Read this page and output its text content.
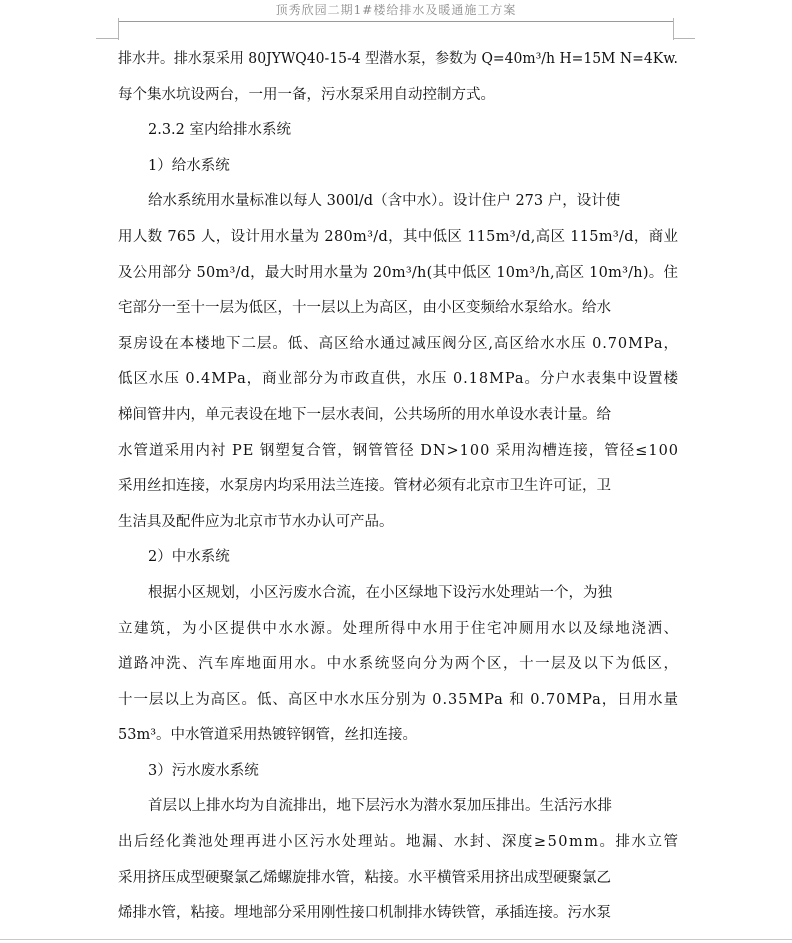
顶秀欣园二期1#楼给排水及暖通施工方案
排水井。排水泵采用 80JYWQ40-15-4 型潜水泵，参数为 Q=40m³/h H=15M N=4Kw.
每个集水坑设两台，一用一备，污水泵采用自动控制方式。
2.3.2 室内给排水系统
1）给水系统
给水系统用水量标准以每人 300l/d（含中水）。设计住户 273 户，设计使
用人数 765 人，设计用水量为 280m³/d，其中低区 115m³/d,高区 115m³/d，商业
及公用部分 50m³/d，最大时用水量为 20m³/h(其中低区 10m³/h,高区 10m³/h)。住
宅部分一至十一层为低区，十一层以上为高区，由小区变频给水泵给水。给水
泵房设在本楼地下二层。低、高区给水通过减压阀分区,高区给水水压 0.70MPa，
低区水压 0.4MPa，商业部分为市政直供，水压 0.18MPa。分户水表集中设置楼
梯间管井内，单元表设在地下一层水表间，公共场所的用水单设水表计量。给
水管道采用内衬 PE 钢塑复合管，钢管管径 DN>100 采用沟槽连接，管径≤100
采用丝扣连接，水泵房内均采用法兰连接。管材必须有北京市卫生许可证，卫
生洁具及配件应为北京市节水办认可产品。
2）中水系统
根据小区规划，小区污废水合流，在小区绿地下设污水处理站一个，为独
立建筑，为小区提供中水水源。处理所得中水用于住宅冲厕用水以及绿地浇洒、
道路冲洗、汽车库地面用水。中水系统竖向分为两个区，十一层及以下为低区，
十一层以上为高区。低、高区中水水压分别为 0.35MPa 和 0.70MPa，日用水量
53m³。中水管道采用热镀锌钢管，丝扣连接。
3）污水废水系统
首层以上排水均为自流排出，地下层污水为潜水泵加压排出。生活污水排
出后经化粪池处理再进小区污水处理站。地漏、水封、深度≥50mm。排水立管
采用挤压成型硬聚氯乙烯螺旋排水管，粘接。水平横管采用挤出成型硬聚氯乙
烯排水管，粘接。埋地部分采用刚性接口机制排水铸铁管，承插连接。污水泵
